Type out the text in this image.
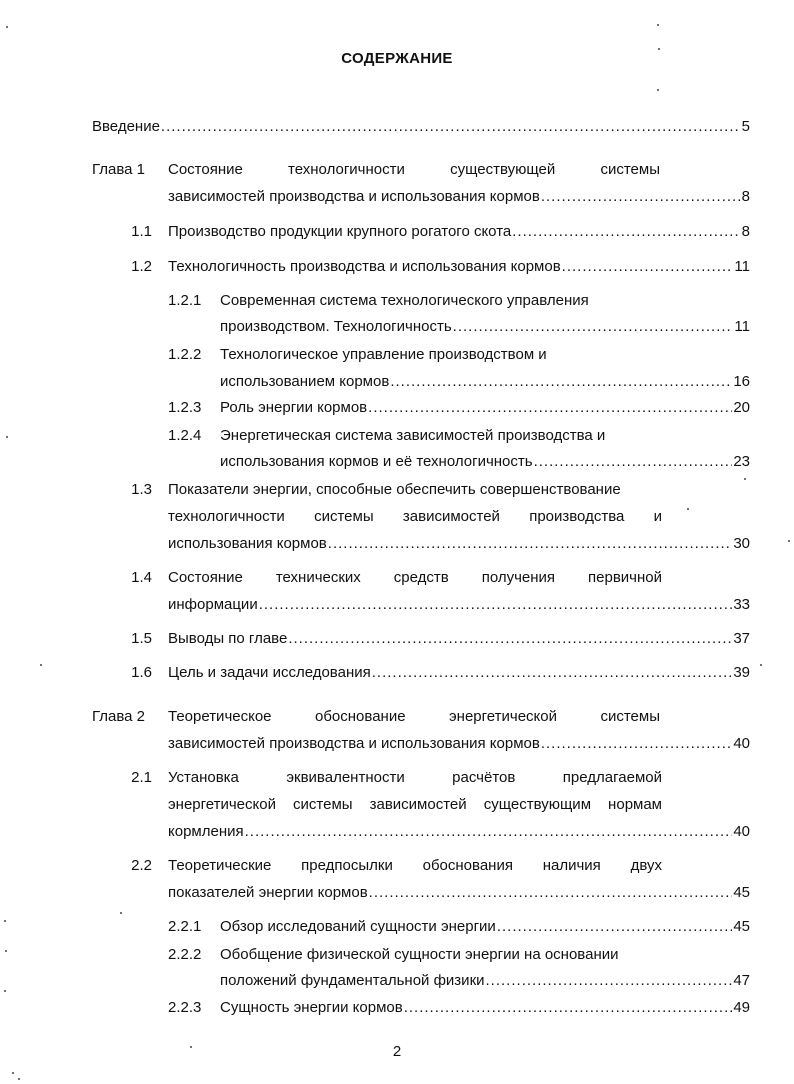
СОДЕРЖАНИЕ
Введение .....	5
Глава 1 Состояние технологичности существующей системы
зависимостей производства и использования кормов .....	8
1.1 Производство продукции крупного рогатого скота .....	8
1.2 Технологичность производства и использования кормов .....	11
1.2.1 Современная система технологического управления
производством. Технологичность .....	11
1.2.2 Технологическое управление производством и
использованием кормов .....	16
1.2.3 Роль энергии кормов .....	20
1.2.4 Энергетическая система зависимостей производства и
использования кормов и её технологичность .....	23
1.3 Показатели энергии, способные обеспечить совершенствование
технологичности системы зависимостей производства и
использования кормов .....	30
1.4 Состояние технических средств получения первичной
информации .....	33
1.5 Выводы по главе .....	37
1.6 Цель и задачи исследования .....	39
Глава 2 Теоретическое обоснование энергетической системы
зависимостей производства и использования кормов .....	40
2.1 Установка эквивалентности расчётов предлагаемой
энергетической системы зависимостей существующим нормам
кормления .....	40
2.2 Теоретические предпосылки обоснования наличия двух
показателей энергии кормов .....	45
2.2.1 Обзор исследований сущности энергии .....	45
2.2.2 Обобщение физической сущности энергии на основании
положений фундаментальной физики .....	47
2.2.3 Сущность энергии кормов .....	49
2
